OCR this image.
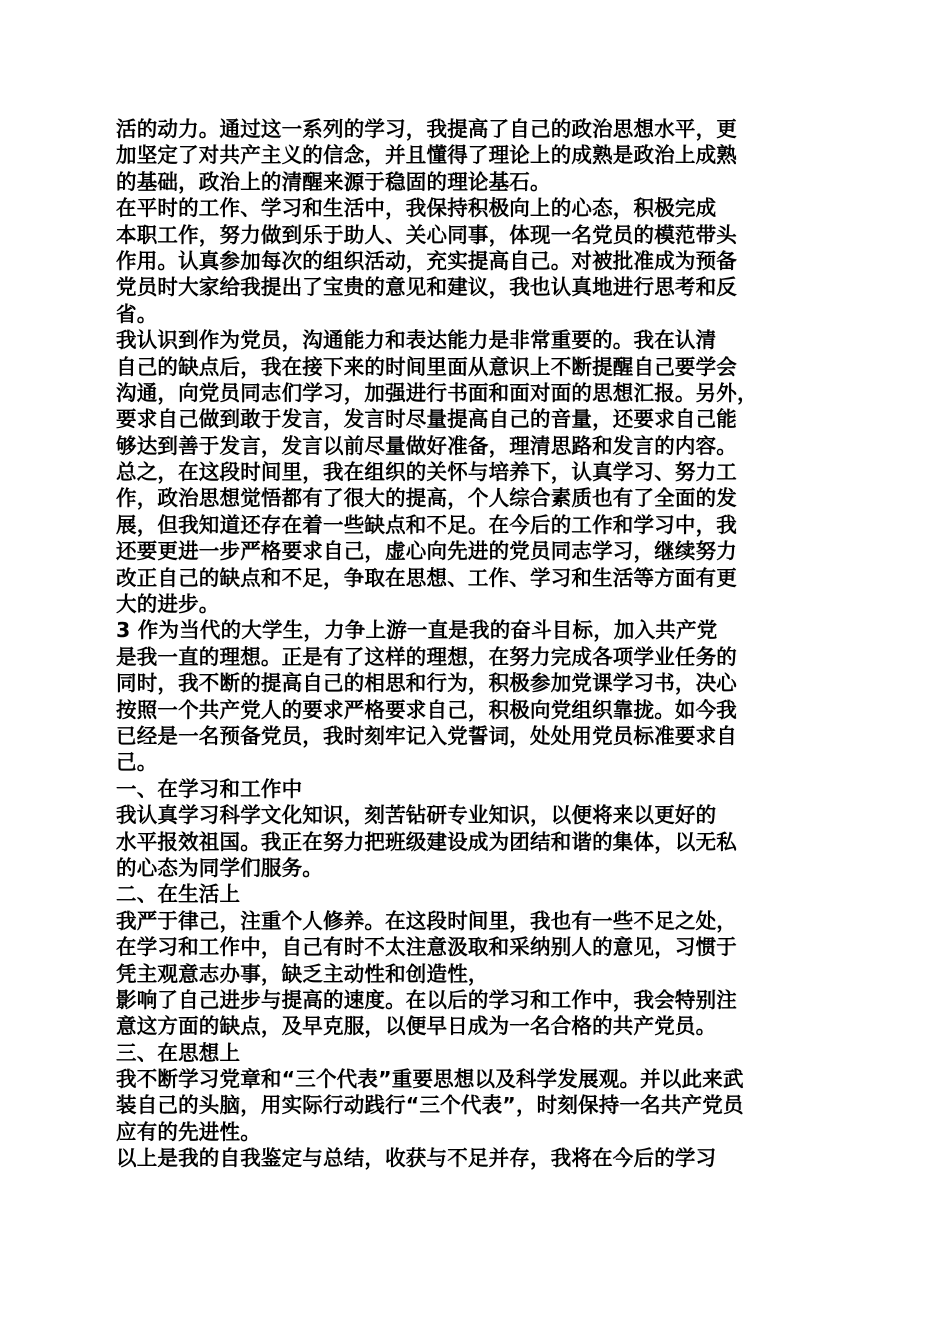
活的动力。通过这一系列的学习，我提高了自己的政治思想水平，更
加坚定了对共产主义的信念，并且懂得了理论上的成熟是政治上成熟
的基础，政治上的清醒来源于稳固的理论基石。
在平时的工作、学习和生活中，我保持积极向上的心态，积极完成
本职工作，努力做到乐于助人、关心同事，体现一名党员的模范带头
作用。认真参加每次的组织活动，充实提高自己。对被批准成为预备
党员时大家给我提出了宝贵的意见和建议，我也认真地进行思考和反
省。
我认识到作为党员，沟通能力和表达能力是非常重要的。我在认清
自己的缺点后，我在接下来的时间里面从意识上不断提醒自己要学会
沟通，向党员同志们学习，加强进行书面和面对面的思想汇报。另外，
要求自己做到敢于发言，发言时尽量提高自己的音量，还要求自己能
够达到善于发言，发言以前尽量做好准备，理清思路和发言的内容。
总之，在这段时间里，我在组织的关怀与培养下，认真学习、努力工
作，政治思想觉悟都有了很大的提高，个人综合素质也有了全面的发
展，但我知道还存在着一些缺点和不足。在今后的工作和学习中，我
还要更进一步严格要求自己，虚心向先进的党员同志学习，继续努力
改正自己的缺点和不足，争取在思想、工作、学习和生活等方面有更
大的进步。
3 作为当代的大学生，力争上游一直是我的奋斗目标，加入共产党
是我一直的理想。正是有了这样的理想，在努力完成各项学业任务的
同时，我不断的提高自己的相思和行为，积极参加党课学习书，决心
按照一个共产党人的要求严格要求自己，积极向党组织靠拢。如今我
已经是一名预备党员，我时刻牢记入党誓词，处处用党员标准要求自
己。
一、在学习和工作中
我认真学习科学文化知识，刻苦钻研专业知识，以便将来以更好的
水平报效祖国。我正在努力把班级建设成为团结和谐的集体，以无私
的心态为同学们服务。
二、在生活上
我严于律己，注重个人修养。在这段时间里，我也有一些不足之处，
在学习和工作中，自己有时不太注意汲取和采纳别人的意见，习惯于
凭主观意志办事，缺乏主动性和创造性，
影响了自己进步与提高的速度。在以后的学习和工作中，我会特别注
意这方面的缺点，及早克服，以便早日成为一名合格的共产党员。
三、在思想上
我不断学习党章和“三个代表”重要思想以及科学发展观。并以此来武
装自己的头脑，用实际行动践行“三个代表”，时刻保持一名共产党员
应有的先进性。
以上是我的自我鉴定与总结，收获与不足并存，我将在今后的学习
